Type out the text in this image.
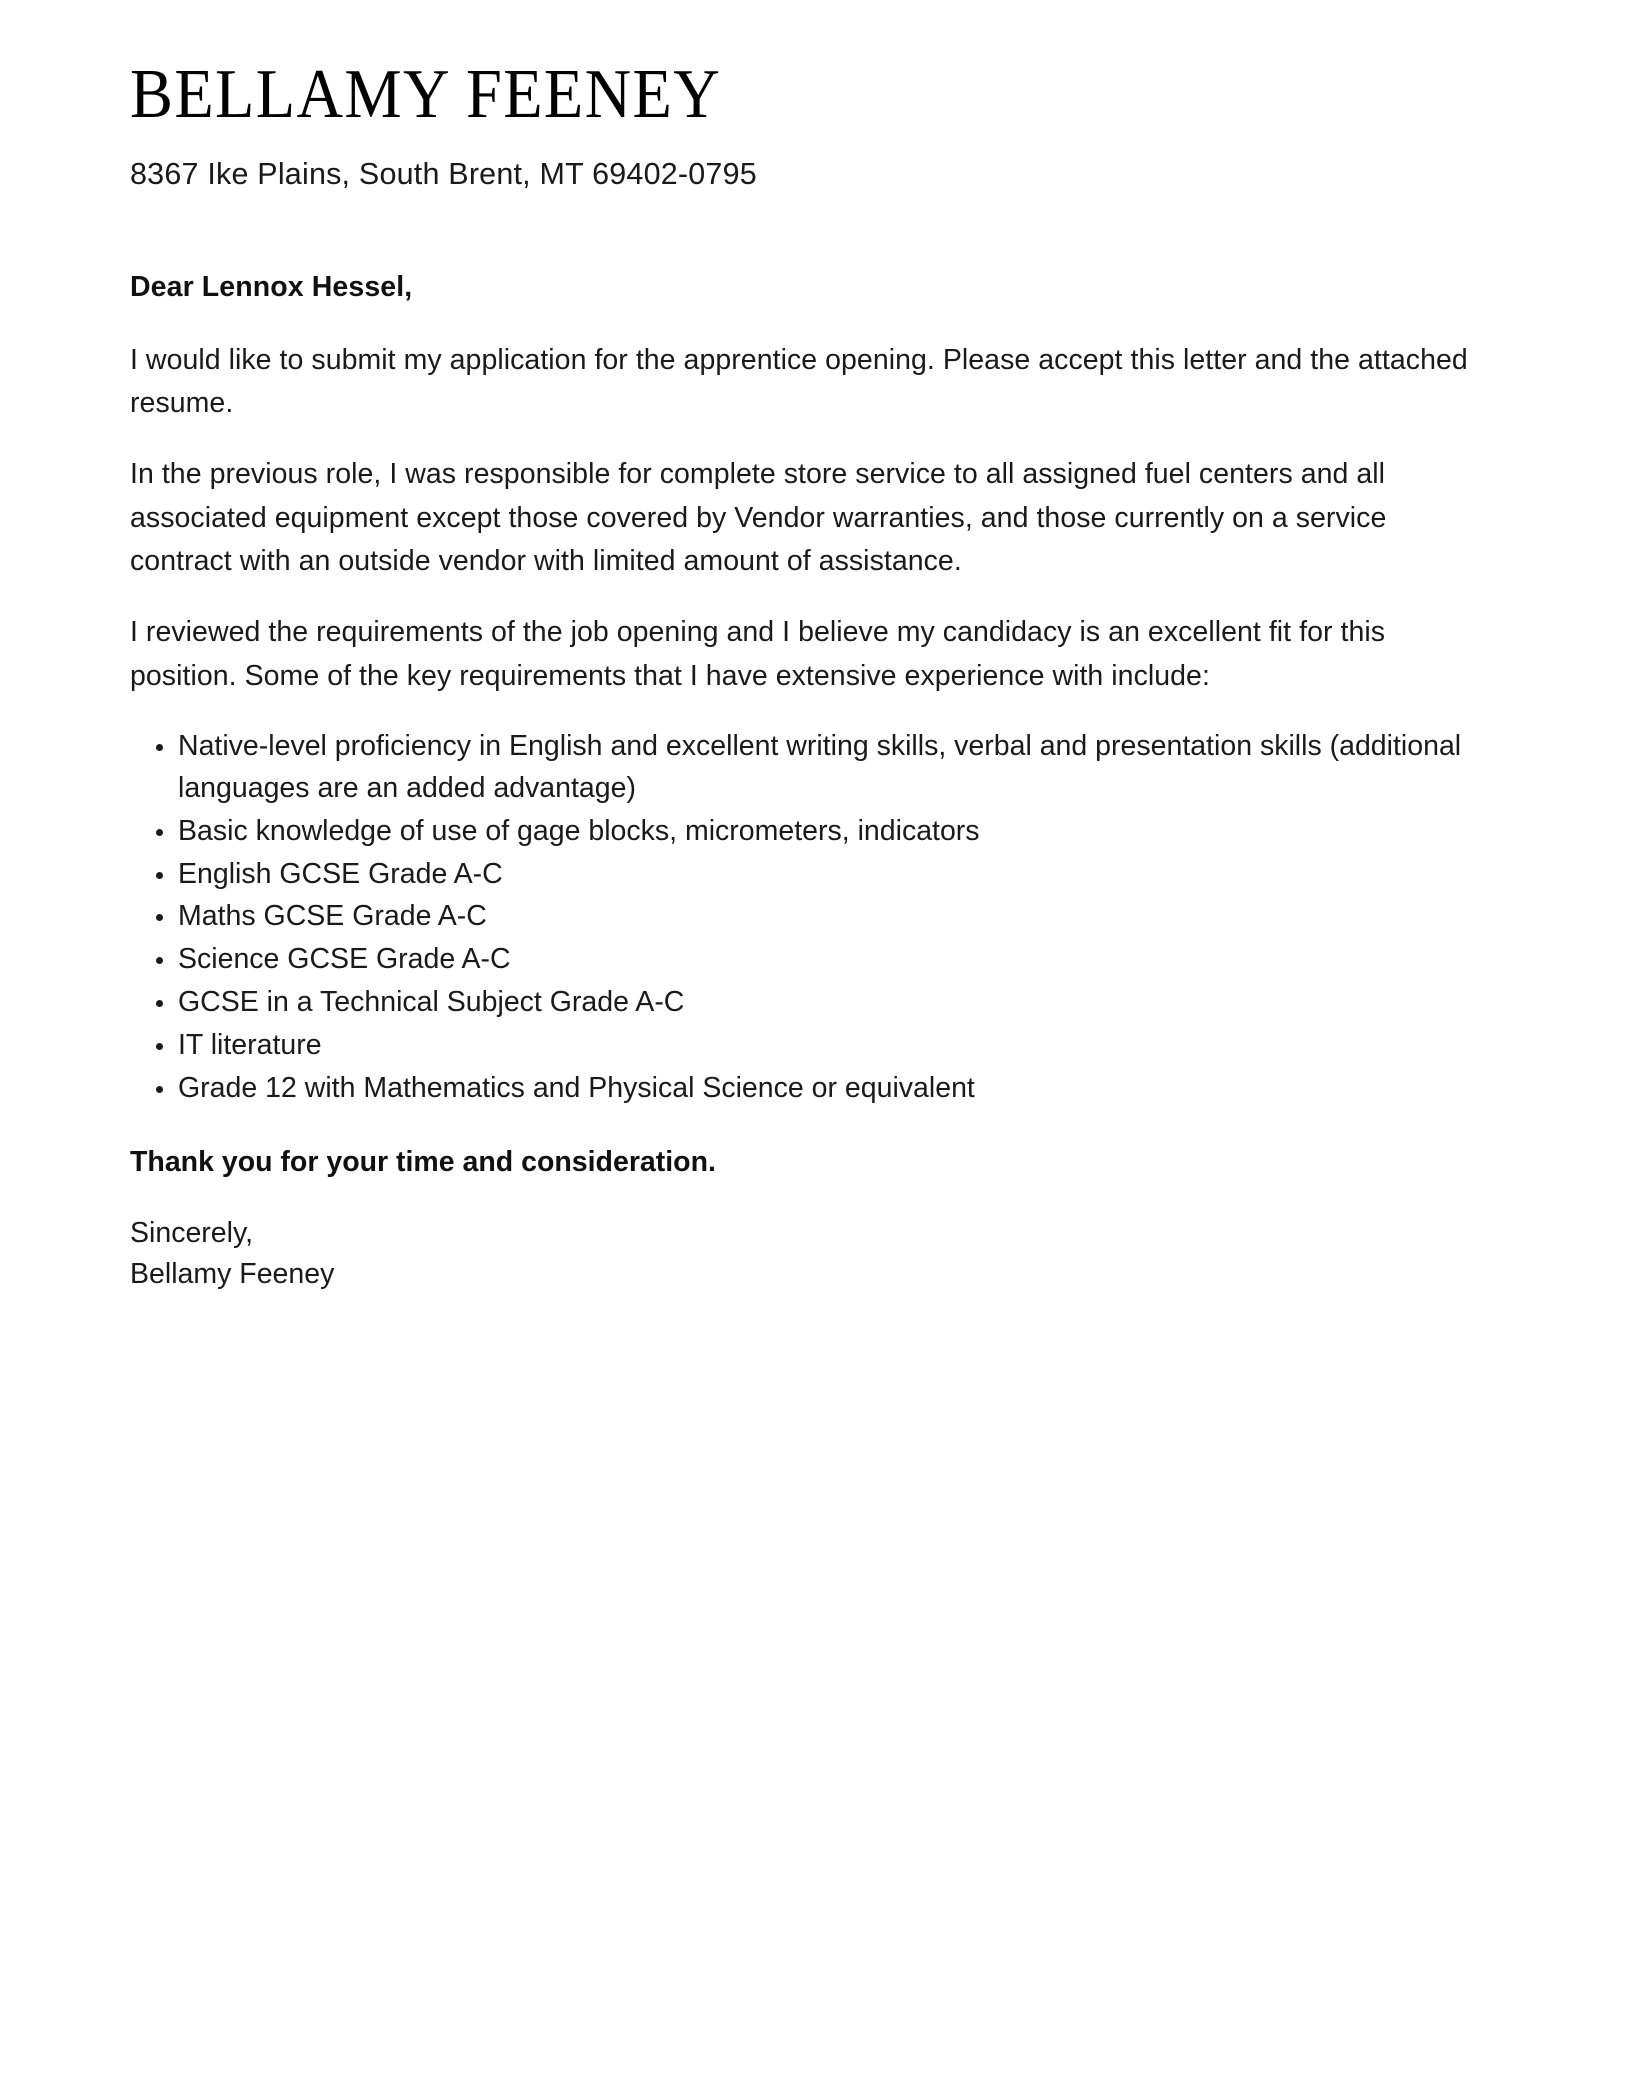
BELLAMY FEENEY
8367 Ike Plains, South Brent, MT 69402-0795

Dear Lennox Hessel,

I would like to submit my application for the apprentice opening. Please accept this letter and the attached resume.

In the previous role, I was responsible for complete store service to all assigned fuel centers and all associated equipment except those covered by Vendor warranties, and those currently on a service contract with an outside vendor with limited amount of assistance.

I reviewed the requirements of the job opening and I believe my candidacy is an excellent fit for this position. Some of the key requirements that I have extensive experience with include:

Native-level proficiency in English and excellent writing skills, verbal and presentation skills (additional languages are an added advantage)
Basic knowledge of use of gage blocks, micrometers, indicators
English GCSE Grade A-C
Maths GCSE Grade A-C
Science GCSE Grade A-C
GCSE in a Technical Subject Grade A-C
IT literature
Grade 12 with Mathematics and Physical Science or equivalent

Thank you for your time and consideration.

Sincerely,
Bellamy Feeney
